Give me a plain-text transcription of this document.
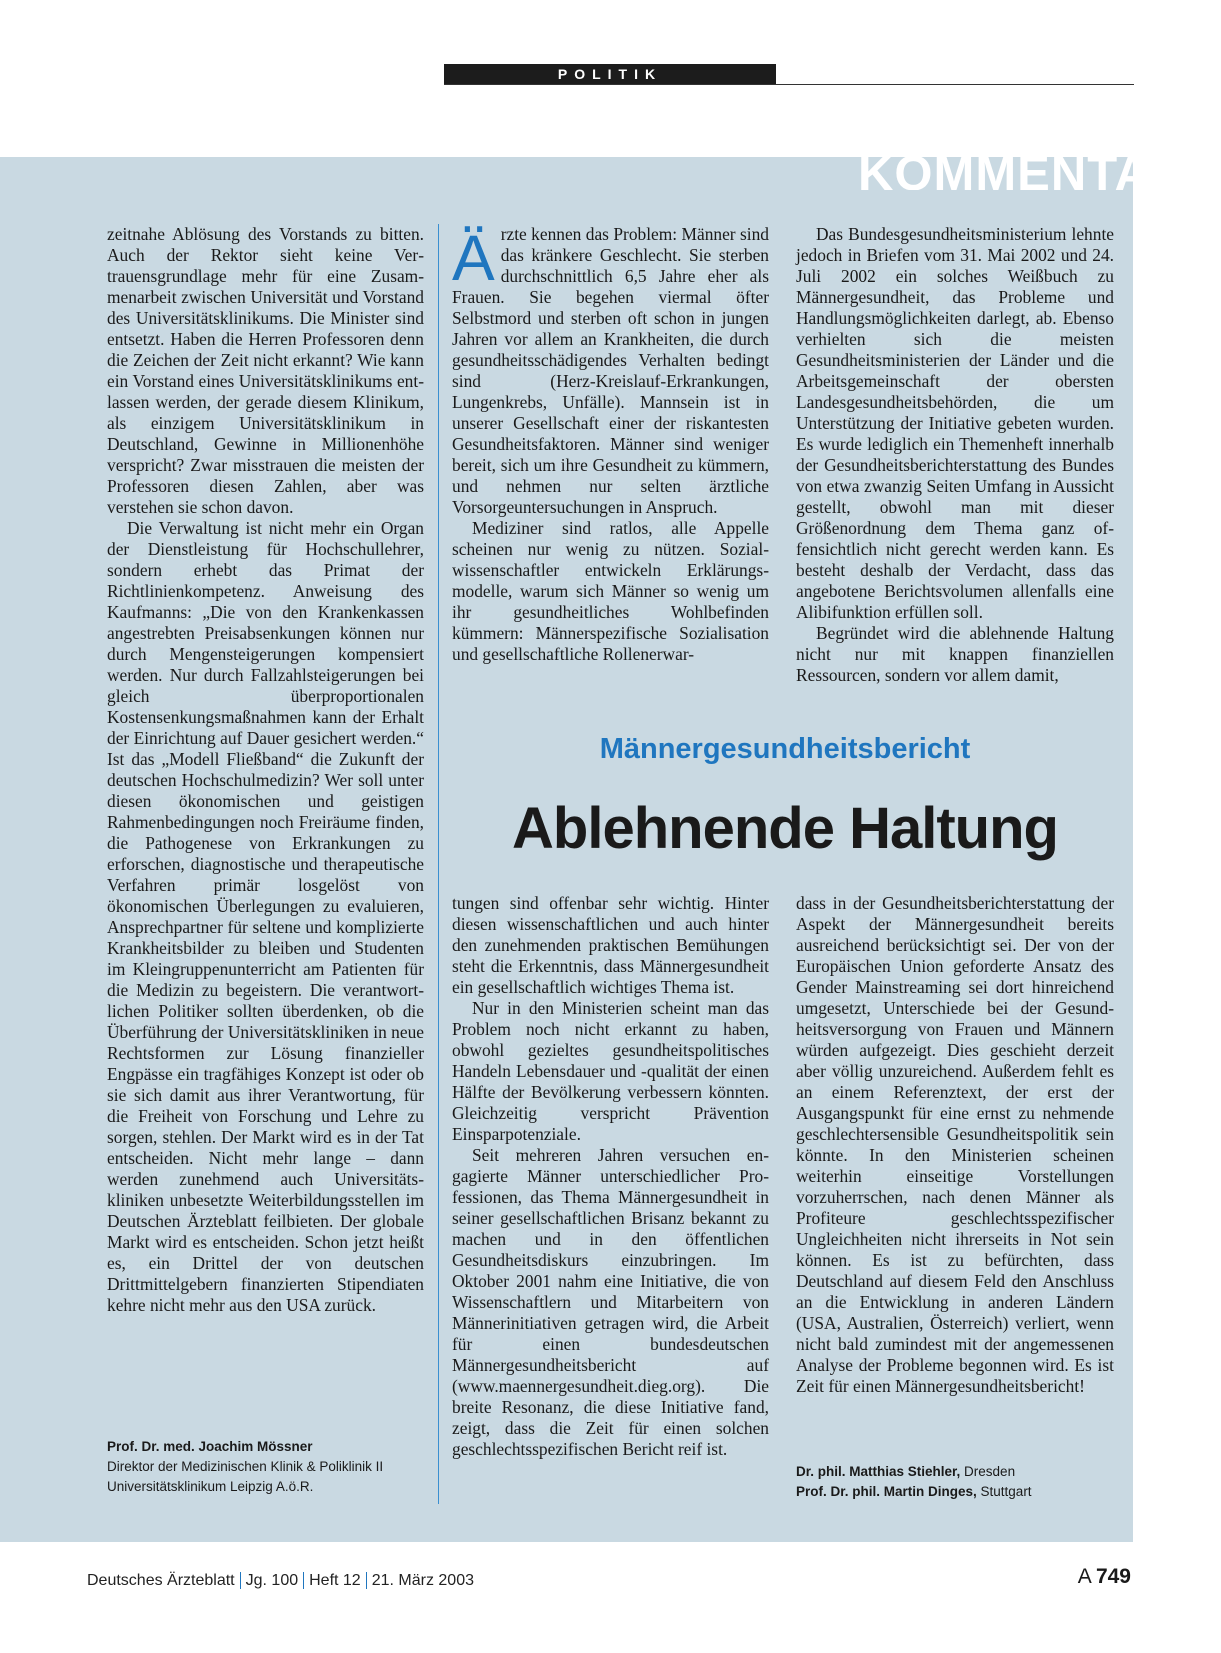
POLITIK
KOMMENTARE

zeitnahe Ablösung des Vorstands zu bitten. Auch der Rektor sieht keine Vertrauensgrundlage mehr für eine Zusammenarbeit zwischen Universität und Vorstand des Universitätsklinikums. Die Minister sind entsetzt. Haben die Herren Professoren denn die Zeichen der Zeit nicht erkannt? Wie kann ein Vorstand eines Universitätsklinikums entlassen werden, der gerade diesem Klinikum, als einzigem Universitätsklinikum in Deutschland, Gewinne in Millionenhöhe verspricht? Zwar misstrauen die meisten der Professoren diesen Zahlen, aber was verstehen sie schon davon.

Die Verwaltung ist nicht mehr ein Organ der Dienstleistung für Hochschullehrer, sondern erhebt das Primat der Richtlinienkompetenz. Anweisung des Kaufmanns: „Die von den Krankenkassen angestrebten Preisabsenkungen können nur durch Mengensteigerungen kompensiert werden. Nur durch Fallzahlsteigerungen bei gleich überproportionalen Kostensenkungsmaßnahmen kann der Erhalt der Einrichtung auf Dauer gesichert werden.“ Ist das „Modell Fließband“ die Zukunft der deutschen Hochschulmedizin? Wer soll unter diesen ökonomischen und geistigen Rahmenbedingungen noch Freiräume finden, die Pathogenese von Erkrankungen zu erforschen, diagnostische und therapeutische Verfahren primär losgelöst von ökonomischen Überlegungen zu evaluieren, Ansprechpartner für seltene und komplizierte Krankheitsbilder zu bleiben und Studenten im Kleingruppenunterricht am Patienten für die Medizin zu begeistern. Die verantwortlichen Politiker sollten überdenken, ob die Überführung der Universitätskliniken in neue Rechtsformen zur Lösung finanzieller Engpässe ein tragfähiges Konzept ist oder ob sie sich damit aus ihrer Verantwortung, für die Freiheit von Forschung und Lehre zu sorgen, stehlen. Der Markt wird es in der Tat entscheiden. Nicht mehr lange – dann werden zunehmend auch Universitätskliniken unbesetzte Weiterbildungsstellen im Deutschen Ärzteblatt feilbieten. Der globale Markt wird es entscheiden. Schon jetzt heißt es, ein Drittel der von deutschen Drittmittelgebern finanzierten Stipendiaten kehre nicht mehr aus den USA zurück.

Prof. Dr. med. Joachim Mössner
Direktor der Medizinischen Klinik & Poliklinik II
Universitätsklinikum Leipzig A.ö.R.

Ärzte kennen das Problem: Männer sind das kränkere Geschlecht. Sie sterben durchschnittlich 6,5 Jahre eher als Frauen. Sie begehen viermal öfter Selbstmord und sterben oft schon in jungen Jahren vor allem an Krankheiten, die durch gesundheitsschädigendes Verhalten bedingt sind (Herz-Kreislauf-Erkrankungen, Lungenkrebs, Unfälle). Mannsein ist in unserer Gesellschaft einer der riskantesten Gesundheitsfaktoren. Männer sind weniger bereit, sich um ihre Gesundheit zu kümmern, und nehmen nur selten ärztliche Vorsorgeuntersuchungen in Anspruch.

Mediziner sind ratlos, alle Appelle scheinen nur wenig zu nützen. Sozialwissenschaftler entwickeln Erklärungsmodelle, warum sich Männer so wenig um ihr gesundheitliches Wohlbefinden kümmern: Männerspezifische Sozialisation und gesellschaftliche Rollenerwar-

Das Bundesgesundheitsministerium lehnte jedoch in Briefen vom 31. Mai 2002 und 24. Juli 2002 ein solches Weißbuch zu Männergesundheit, das Probleme und Handlungsmöglichkeiten darlegt, ab. Ebenso verhielten sich die meisten Gesundheitsministerien der Länder und die Arbeitsgemeinschaft der obersten Landesgesundheitsbehörden, die um Unterstützung der Initiative gebeten wurden. Es wurde lediglich ein Themenheft innerhalb der Gesundheitsberichterstattung des Bundes von etwa zwanzig Seiten Umfang in Aussicht gestellt, obwohl man mit dieser Größenordnung dem Thema ganz offensichtlich nicht gerecht werden kann. Es besteht deshalb der Verdacht, dass das angebotene Berichtsvolumen allenfalls eine Alibifunktion erfüllen soll.

Begründet wird die ablehnende Haltung nicht nur mit knappen finanziellen Ressourcen, sondern vor allem damit,

Männergesundheitsbericht
Ablehnende Haltung

tungen sind offenbar sehr wichtig. Hinter diesen wissenschaftlichen und auch hinter den zunehmenden praktischen Bemühungen steht die Erkenntnis, dass Männergesundheit ein gesellschaftlich wichtiges Thema ist.

Nur in den Ministerien scheint man das Problem noch nicht erkannt zu haben, obwohl gezieltes gesundheitspolitisches Handeln Lebensdauer und -qualität der einen Hälfte der Bevölkerung verbessern könnten. Gleichzeitig verspricht Prävention Einsparpotenziale.

Seit mehreren Jahren versuchen engagierte Männer unterschiedlicher Professionen, das Thema Männergesundheit in seiner gesellschaftlichen Brisanz bekannt zu machen und in den öffentlichen Gesundheitsdiskurs einzubringen. Im Oktober 2001 nahm eine Initiative, die von Wissenschaftlern und Mitarbeitern von Männerinitiativen getragen wird, die Arbeit für einen bundesdeutschen Männergesundheitsbericht auf (www.maennergesundheit.dieg.org). Die breite Resonanz, die diese Initiative fand, zeigt, dass die Zeit für einen solchen geschlechtsspezifischen Bericht reif ist.

dass in der Gesundheitsberichterstattung der Aspekt der Männergesundheit bereits ausreichend berücksichtigt sei. Der von der Europäischen Union geforderte Ansatz des Gender Mainstreaming sei dort hinreichend umgesetzt, Unterschiede bei der Gesundheitsversorgung von Frauen und Männern würden aufgezeigt. Dies geschieht derzeit aber völlig unzureichend. Außerdem fehlt es an einem Referenztext, der erst der Ausgangspunkt für eine ernst zu nehmende geschlechtersensible Gesundheitspolitik sein könnte. In den Ministerien scheinen weiterhin einseitige Vorstellungen vorzuherrschen, nach denen Männer als Profiteure geschlechtsspezifischer Ungleichheiten nicht ihrerseits in Not sein können. Es ist zu befürchten, dass Deutschland auf diesem Feld den Anschluss an die Entwicklung in anderen Ländern (USA, Australien, Österreich) verliert, wenn nicht bald zumindest mit der angemessenen Analyse der Probleme begonnen wird. Es ist Zeit für einen Männergesundheitsbericht!

Dr. phil. Matthias Stiehler, Dresden
Prof. Dr. phil. Martin Dinges, Stuttgart
Deutsches Ärzteblatt Jg. 100 Heft 12 21. März 2003	A  749
